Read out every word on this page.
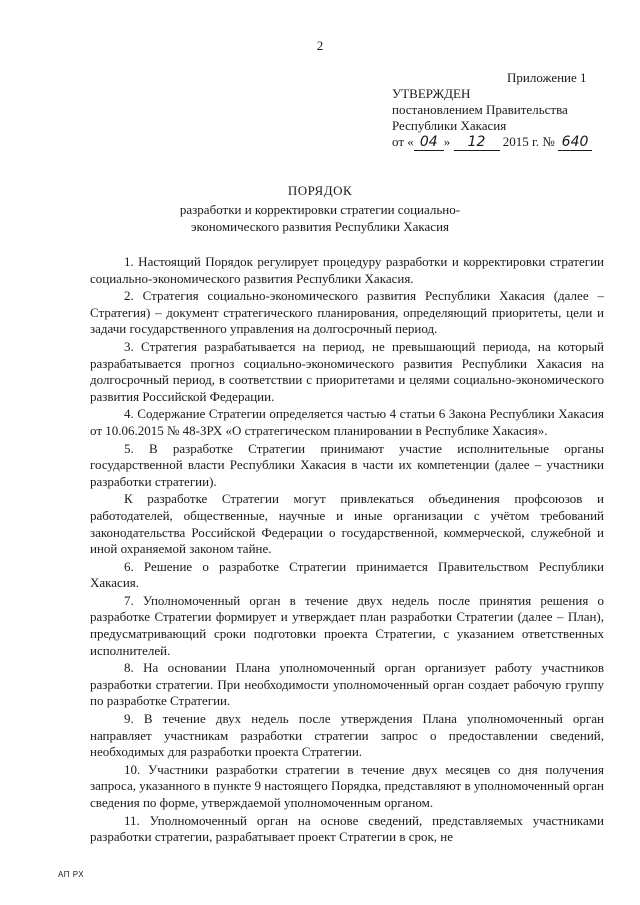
2
Приложение 1
УТВЕРЖДЕН
постановлением Правительства
Республики Хакасия
от « 04 » 12 2015 г. № 640
ПОРЯДОК
разработки и корректировки стратегии социально-
экономического развития Республики Хакасия

1. Настоящий Порядок регулирует процедуру разработки и корректировки стратегии социально-экономического развития Республики Хакасия.

2. Стратегия социально-экономического развития Республики Хакасия (далее – Стратегия) – документ стратегического планирования, определяющий приоритеты, цели и задачи государственного управления на долгосрочный период.

3. Стратегия разрабатывается на период, не превышающий периода, на который разрабатывается прогноз социально-экономического развития Республики Хакасия на долгосрочный период, в соответствии с приоритетами и целями социально-экономического развития Российской Федерации.

4. Содержание Стратегии определяется частью 4 статьи 6 Закона Республики Хакасия от 10.06.2015 № 48-ЗРХ «О стратегическом планировании в Республике Хакасия».

5. В разработке Стратегии принимают участие исполнительные органы государственной власти Республики Хакасия в части их компетенции (далее – участники разработки стратегии).

К разработке Стратегии могут привлекаться объединения профсоюзов и работодателей, общественные, научные и иные организации с учётом требований законодательства Российской Федерации о государственной, коммерческой, служебной и иной охраняемой законом тайне.

6. Решение о разработке Стратегии принимается Правительством Республики Хакасия.

7. Уполномоченный орган в течение двух недель после принятия решения о разработке Стратегии формирует и утверждает план разработки Стратегии (далее – План), предусматривающий сроки подготовки проекта Стратегии, с указанием ответственных исполнителей.

8. На основании Плана уполномоченный орган организует работу участников разработки стратегии. При необходимости уполномоченный орган создает рабочую группу по разработке Стратегии.

9. В течение двух недель после утверждения Плана уполномоченный орган направляет участникам разработки стратегии запрос о предоставлении сведений, необходимых для разработки проекта Стратегии.

10. Участники разработки стратегии в течение двух месяцев со дня получения запроса, указанного в пункте 9 настоящего Порядка, представляют в уполномоченный орган сведения по форме, утверждаемой уполномоченным органом.

11. Уполномоченный орган на основе сведений, представляемых участниками разработки стратегии, разрабатывает проект Стратегии в срок, не

АП РХ
